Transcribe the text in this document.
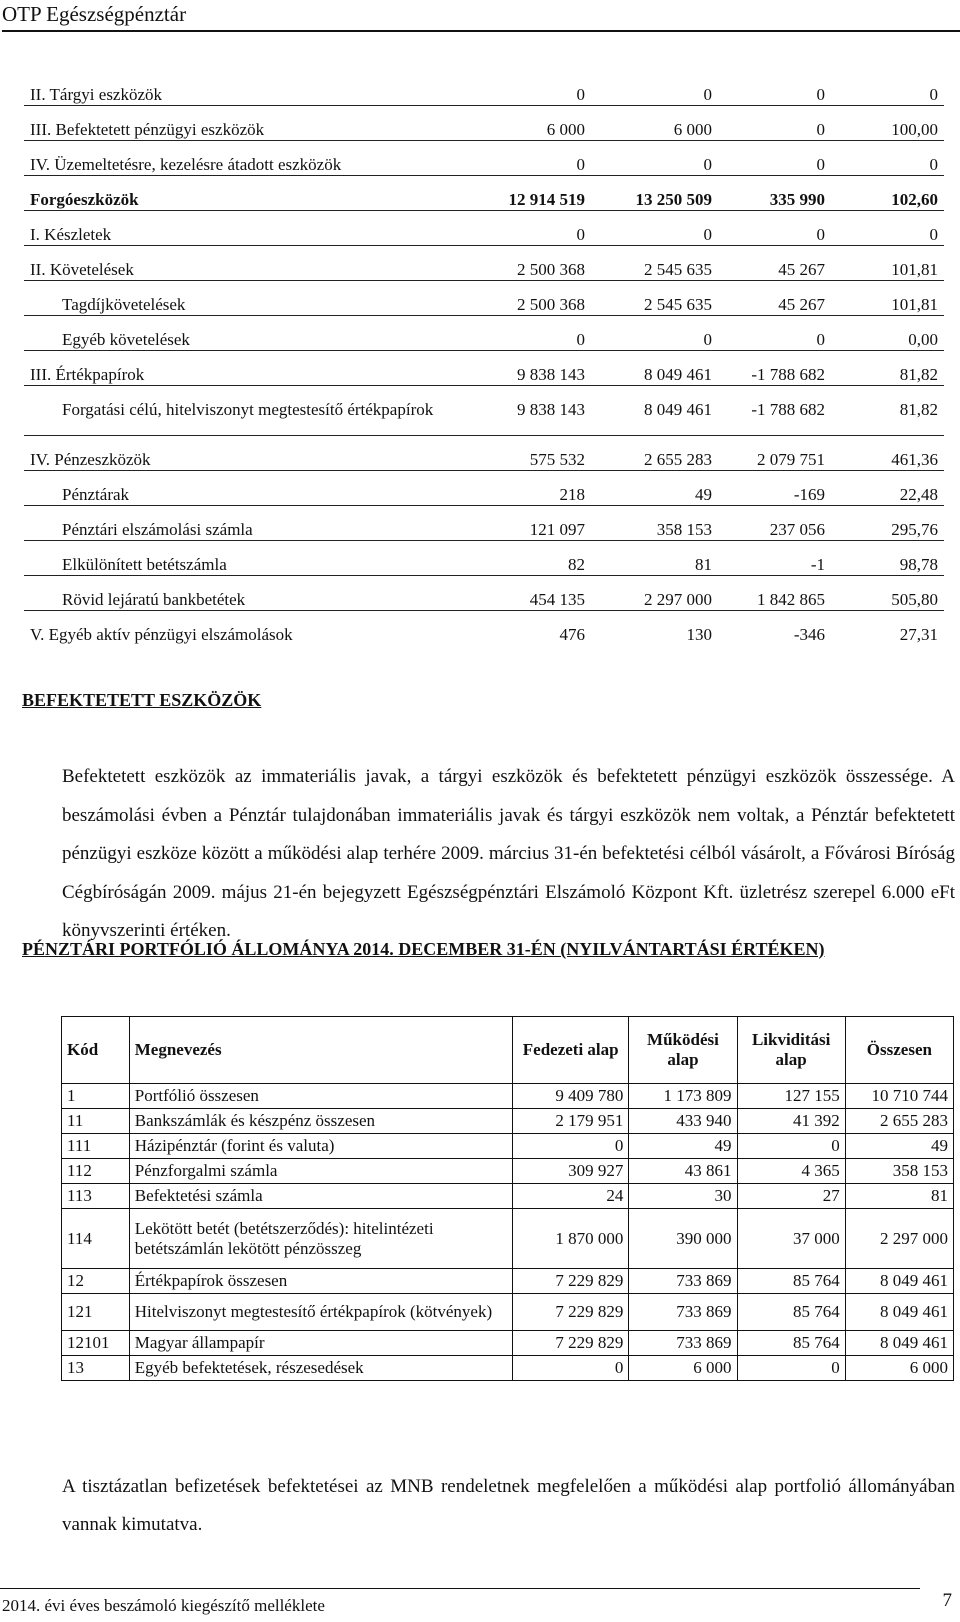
OTP Egészségpénztár
II. Tárgyi eszközök	0	0	0	0
III. Befektetett pénzügyi eszközök	6 000	6 000	0	100,00
IV. Üzemeltetésre, kezelésre átadott eszközök	0	0	0	0
Forgóeszközök	12 914 519	13 250 509	335 990	102,60
I. Készletek	0	0	0	0
II. Követelések	2 500 368	2 545 635	45 267	101,81
Tagdíjkövetelések	2 500 368	2 545 635	45 267	101,81
Egyéb követelések	0	0	0	0,00
III. Értékpapírok	9 838 143	8 049 461	-1 788 682	81,82
Forgatási célú, hitelviszonyt megtestesítő értékpapírok	9 838 143	8 049 461	-1 788 682	81,82
IV. Pénzeszközök	575 532	2 655 283	2 079 751	461,36
Pénztárak	218	49	-169	22,48
Pénztári elszámolási számla	121 097	358 153	237 056	295,76
Elkülönített betétszámla	82	81	-1	98,78
Rövid lejáratú bankbetétek	454 135	2 297 000	1 842 865	505,80
V. Egyéb aktív pénzügyi elszámolások	476	130	-346	27,31
BEFEKTETETT ESZKÖZÖK
Befektetett eszközök az immateriális javak, a tárgyi eszközök és befektetett pénzügyi eszközök összessége. A beszámolási évben a Pénztár tulajdonában immateriális javak és tárgyi eszközök nem voltak, a Pénztár befektetett pénzügyi eszköze között a működési alap terhére 2009. március 31-én befektetési célból vásárolt, a Fővárosi Bíróság Cégbíróságán 2009. május 21-én bejegyzett Egészségpénztári Elszámoló Központ Kft. üzletrész szerepel 6.000 eFt könyvszerinti értéken.
PÉNZTÁRI PORTFÓLIÓ ÁLLOMÁNYA 2014. DECEMBER 31-ÉN (NYILVÁNTARTÁSI ÉRTÉKEN)
Kód	Megnevezés	Fedezeti alap	Működési alap	Likviditási alap	Összesen
1	Portfólió összesen	9 409 780	1 173 809	127 155	10 710 744
11	Bankszámlák és készpénz összesen	2 179 951	433 940	41 392	2 655 283
111	Házipénztár (forint és valuta)	0	49	0	49
112	Pénzforgalmi számla	309 927	43 861	4 365	358 153
113	Befektetési számla	24	30	27	81
114	Lekötött betét (betétszerződés): hitelintézeti betétszámlán lekötött pénzösszeg	1 870 000	390 000	37 000	2 297 000
12	Értékpapírok összesen	7 229 829	733 869	85 764	8 049 461
121	Hitelviszonyt megtestesítő értékpapírok (kötvények)	7 229 829	733 869	85 764	8 049 461
12101	Magyar állampapír	7 229 829	733 869	85 764	8 049 461
13	Egyéb befektetések, részesedések	0	6 000	0	6 000
A tisztázatlan befizetések befektetései az MNB rendeletnek megfelelően a működési alap portfolió állományában vannak kimutatva.
2014. évi éves beszámoló kiegészítő melléklete	7
